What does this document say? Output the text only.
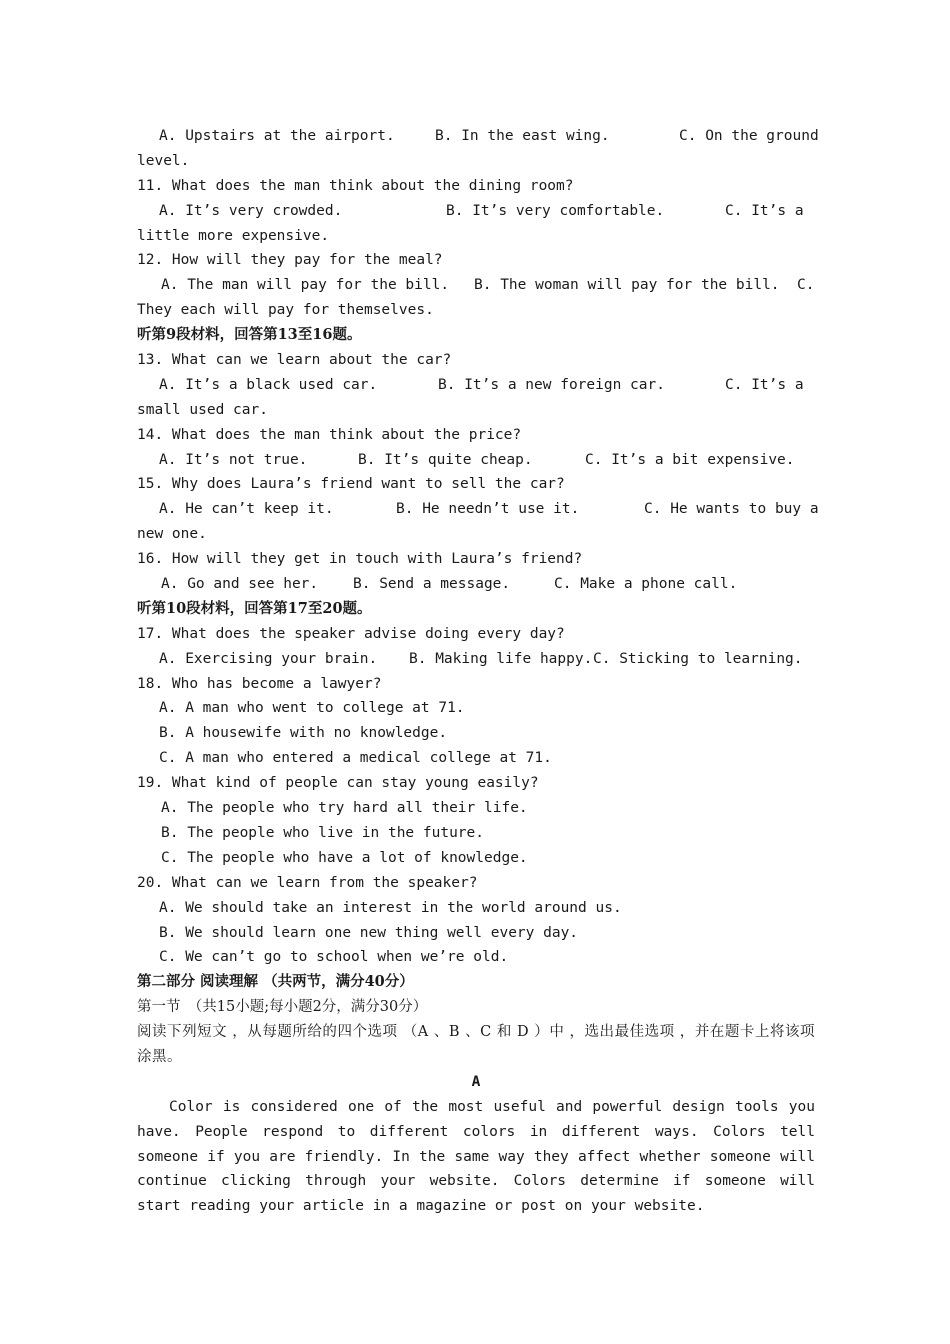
A. Upstairs at the airport.

	B. In the east wing.

	C. On the ground

level.
11. What does the man think about the dining room?

A. It’s very crowded.

	B. It’s very comfortable.

	C. It’s a

little more expensive.
12. How will they pay for the meal?

A. The man will pay for the bill.

B. The woman will pay for the bill.

C.

They each will pay for themselves.
听第9段材料，回答第13至16题。
13. What can we learn about the car?

A. It’s a black used car.

	B. It’s a new foreign car.

	C. It’s a

small used car.
14. What does the man think about the price?

A. It’s not true.

	B. It’s quite cheap.

	C. It’s a bit expensive.

15. Why does Laura’s friend want to sell the car?

A. He can’t keep it.

	B. He needn’t use it.

	C. He wants to buy a

new one.
16. How will they get in touch with Laura’s friend?

A. Go and see her.

B. Send a message.

	C. Make a phone call.

听第10段材料，回答第17至20题。
17. What does the speaker advise doing every day?

A. Exercising your brain.

B. Making life happy.

C. Sticking to learning.

18. Who has become a lawyer?
A. A man who went to college at 71.
B. A housewife with no knowledge.
C. A man who entered a medical college at 71.
19. What kind of people can stay young easily?
A. The people who try hard all their life.
B. The people who live in the future.
C. The people who have a lot of knowledge.
20. What can we learn from the speaker?
A. We should take an interest in the world around us.
B. We should learn one new thing well every day.
C. We can’t go to school when we’re old.
第二部分 阅读理解 （共两节，满分40分）
第一节　（共15小题;每小题2分，满分30分）
阅读下列短文 ，从每题所给的四个选项 （A 、B 、C 和 D ）中 ，选出最佳选项 ，并在题卡上将该项涂黑。
A
Color is considered one of the most useful and powerful design tools you have. People respond to different colors in different ways. Colors tell someone if you are friendly. In the same way they affect whether someone will continue clicking through your website. Colors determine if someone will start reading your article in a magazine or post on your website.
